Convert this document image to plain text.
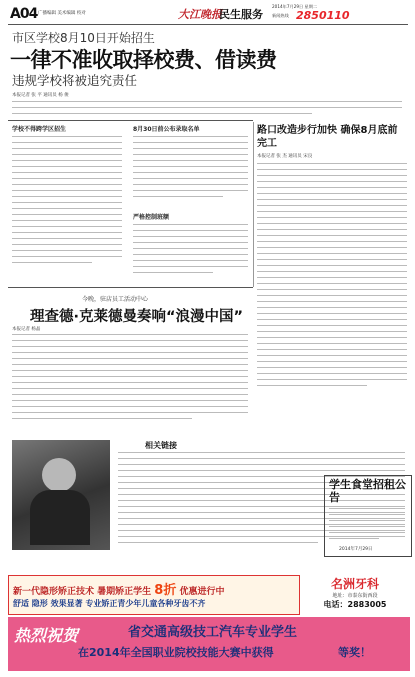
A04 广播编辑 美术编辑 校对	大江晚报
民生服务
2014年7月29日 星期二
新闻热线 2850110
市区学校8月10日开始招生
一律不准收取择校费、借读费
违规学校将被追究责任
本报记者 张 平 通讯员 杨 俊
学校不得跨学区招生	8月30日前公布录取名单
严格控制班额
路口改造步行加快 确保8月底前完工
本报记者 张 杰 通讯员 宋良
今晚，驻店员工活动中心
理查德·克莱德曼奏响“浪漫中国”
本报记者 杨晶
相关链接
学生食堂招租公告
2014年7月29日
新一代隐形矫正技术 暑期矫正学生 8折 优惠进行中
舒适 隐形 效果显著 专业矫正青少年儿童各种牙齿不齐
名洲牙科
地址：市泰东街西段
电话：2883005
热烈祝贺	省交通高级技工汽车专业学生
在2014年全国职业院校技能大赛中获得	等奖！
